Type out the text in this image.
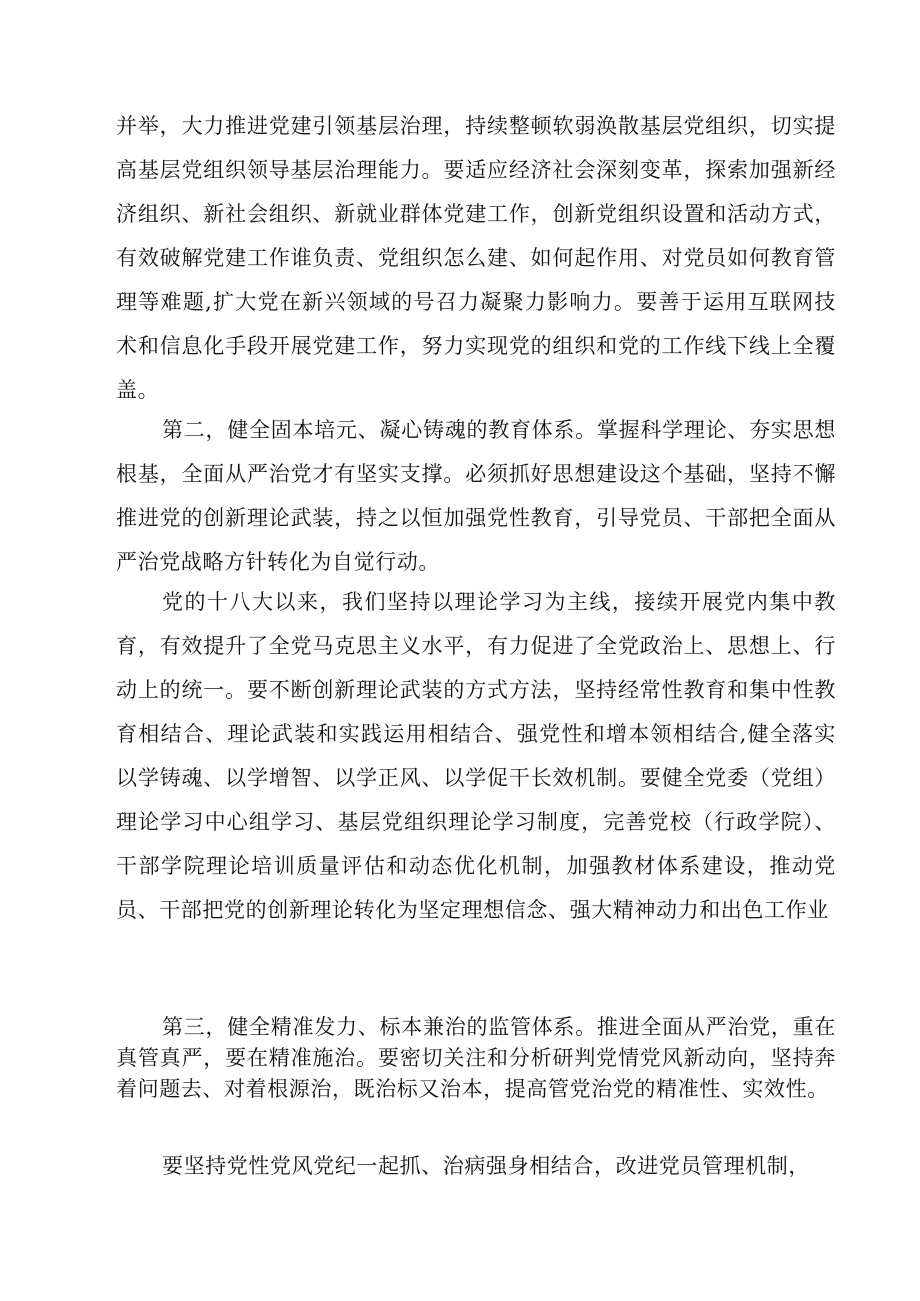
并举，大力推进党建引领基层治理，持续整顿软弱涣散基层党组织，切实提高基层党组织领导基层治理能力。要适应经济社会深刻变革，探索加强新经济组织、新社会组织、新就业群体党建工作，创新党组织设置和活动方式，有效破解党建工作谁负责、党组织怎么建、如何起作用、对党员如何教育管理等难题,扩大党在新兴领域的号召力凝聚力影响力。要善于运用互联网技术和信息化手段开展党建工作，努力实现党的组织和党的工作线下线上全覆盖。

第二，健全固本培元、凝心铸魂的教育体系。掌握科学理论、夯实思想根基，全面从严治党才有坚实支撑。必须抓好思想建设这个基础，坚持不懈推进党的创新理论武装，持之以恒加强党性教育，引导党员、干部把全面从严治党战略方针转化为自觉行动。

党的十八大以来，我们坚持以理论学习为主线，接续开展党内集中教育，有效提升了全党马克思主义水平，有力促进了全党政治上、思想上、行动上的统一。要不断创新理论武装的方式方法，坚持经常性教育和集中性教育相结合、理论武装和实践运用相结合、强党性和增本领相结合,健全落实以学铸魂、以学增智、以学正风、以学促干长效机制。要健全党委（党组）理论学习中心组学习、基层党组织理论学习制度，完善党校（行政学院）、干部学院理论培训质量评估和动态优化机制，加强教材体系建设，推动党员、干部把党的创新理论转化为坚定理想信念、强大精神动力和出色工作业

第三，健全精准发力、标本兼治的监管体系。推进全面从严治党，重在真管真严，要在精准施治。要密切关注和分析研判党情党风新动向，坚持奔着问题去、对着根源治，既治标又治本，提高管党治党的精准性、实效性。

要坚持党性党风党纪一起抓、治病强身相结合，改进党员管理机制，
